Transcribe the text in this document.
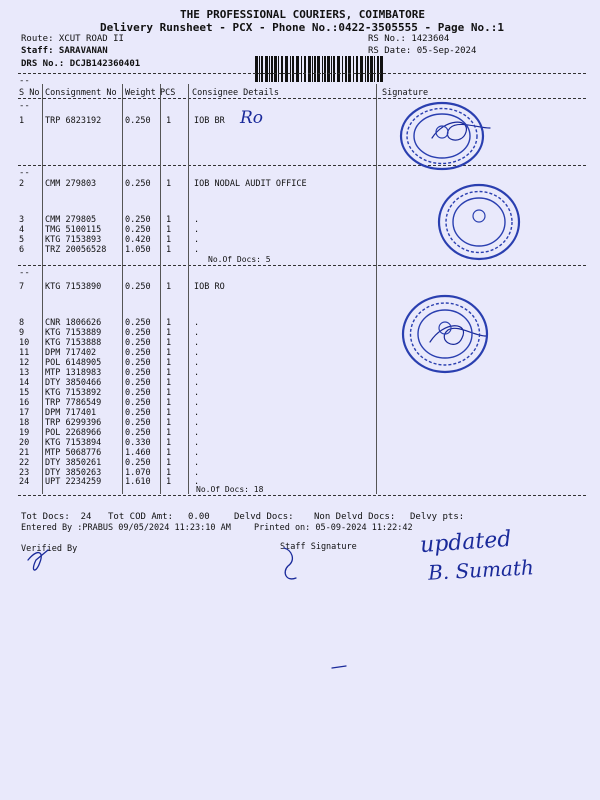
THE PROFESSIONAL COURIERS, COIMBATORE
Delivery Runsheet - PCX - Phone No.:0422-3505555 - Page No.:1
Route: XCUT ROAD II
Staff: SARAVANAN
DRS No.: DCJB142360401
RS No.: 1423604
RS Date: 05-Sep-2024

S No Consignment No Weight PCS Consignee Details	Signature
--
--
--
--
1 TRP 6823192	0.250 1	IOB BR
2 CMM 279803	0.250 1	IOB NODAL AUDIT OFFICE
3 CMM 279805	0.250 1	.
4 TMG 5100115	0.250 1	.
5 KTG 7153893	0.420 1	.
6 TRZ 20056528 1.050 1	.
7 KTG 7153890	0.250 1	IOB RO
8 CNR 1806626	0.250 1	.
9 KTG 7153889	0.250 1	.
10 KTG 7153888	0.250 1	.
11 DPM 717402	0.250 1	.
12 POL 6148905	0.250 1	.
13 MTP 1318983	0.250 1	.
14 DTY 3850466	0.250 1	.
15 KTG 7153892	0.250 1	.
16 TRP 7786549	0.250 1	.
17 DPM 717401	0.250 1	.
18 TRP 6299396	0.250 1	.
19 POL 2268966	0.250 1	.
20 KTG 7153894	0.330 1	.
21 MTP 5068776	1.460 1	.
22 DTY 3850261	0.250 1	.
23 DTY 3850263	1.070 1	.
24 UPT 2234259	1.610 1	.
No.Of Docs: 5
No.Of Docs: 18
Tot Docs:  24 Tot COD Amt: 0.00	Delvd Docs: Non Delvd Docs: Delvy pts:
Entered By :PRABUS 09/05/2024 11:23:10 AM	Printed on: 05-09-2024 11:22:42
Verified By	Staff Signature
Ro
updated
B. Sumath
